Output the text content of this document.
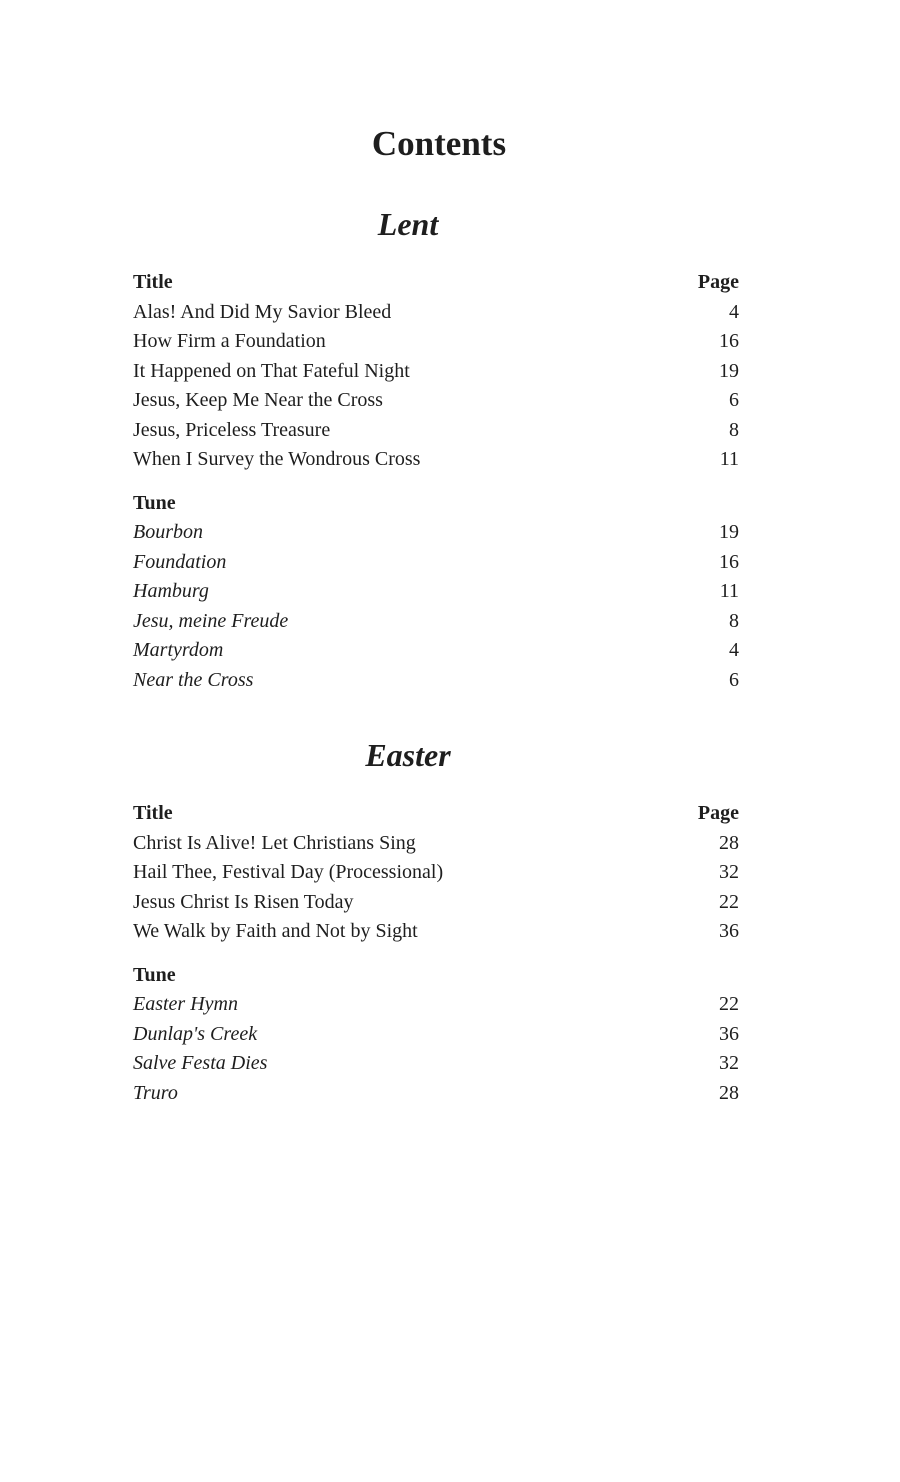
Contents
Lent
Title	Page
Alas! And Did My Savior Bleed	4
How Firm a Foundation	16
It Happened on That Fateful Night	19
Jesus, Keep Me Near the Cross	6
Jesus, Priceless Treasure	8
When I Survey the Wondrous Cross	11
Tune
Bourbon	19
Foundation	16
Hamburg	11
Jesu, meine Freude	8
Martyrdom	4
Near the Cross	6
Easter
Title	Page
Christ Is Alive! Let Christians Sing	28
Hail Thee, Festival Day (Processional)	32
Jesus Christ Is Risen Today	22
We Walk by Faith and Not by Sight	36
Tune
Easter Hymn	22
Dunlap's Creek	36
Salve Festa Dies	32
Truro	28
